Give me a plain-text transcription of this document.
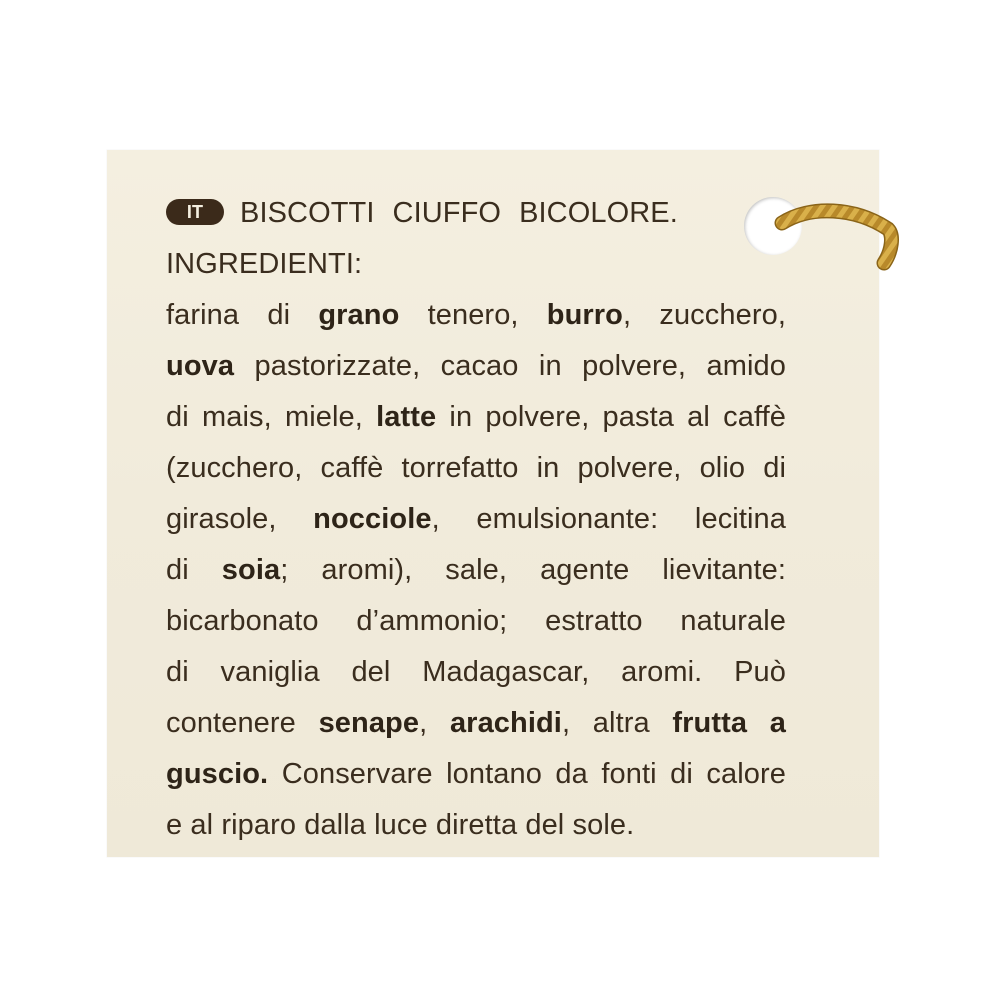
IT BISCOTTI CIUFFO BICOLORE.
INGREDIENTI:
farina di grano tenero, burro, zucchero,
uova pastorizzate, cacao in polvere, amido
di mais, miele, latte in polvere, pasta al caffè
(zucchero, caffè torrefatto in polvere, olio di
girasole, nocciole, emulsionante: lecitina
di soia; aromi), sale, agente lievitante:
bicarbonato d’ammonio; estratto naturale
di vaniglia del Madagascar, aromi. Può
contenere senape, arachidi, altra frutta a
guscio. Conservare lontano da fonti di calore
e al riparo dalla luce diretta del sole.
